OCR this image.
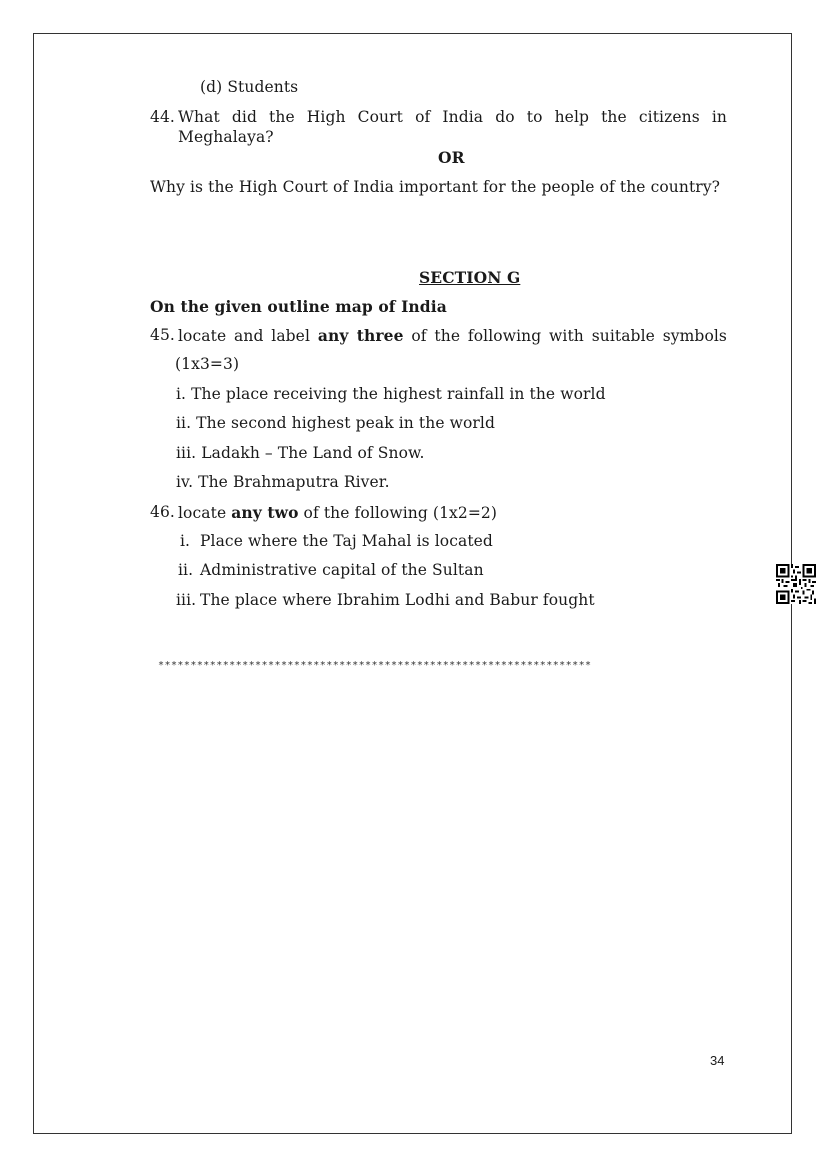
(d) Students
44. What did the High Court of India do to help the citizens in
Meghalaya?
OR
Why is the High Court of India important for the people of the country?
SECTION G
On the given outline map of India
45. locate and label any three of the following with suitable symbols
(1x3=3)
i. The place receiving the highest rainfall in the world
ii. The second highest peak in the world
iii. Ladakh – The Land of Snow.
iv. The Brahmaputra River.
46. locate any two of the following (1x2=2)
i. Place where the Taj Mahal is located
ii. Administrative capital of the Sultan
iii. The place where Ibrahim Lodhi and Babur fought
*******************************************************************
34
